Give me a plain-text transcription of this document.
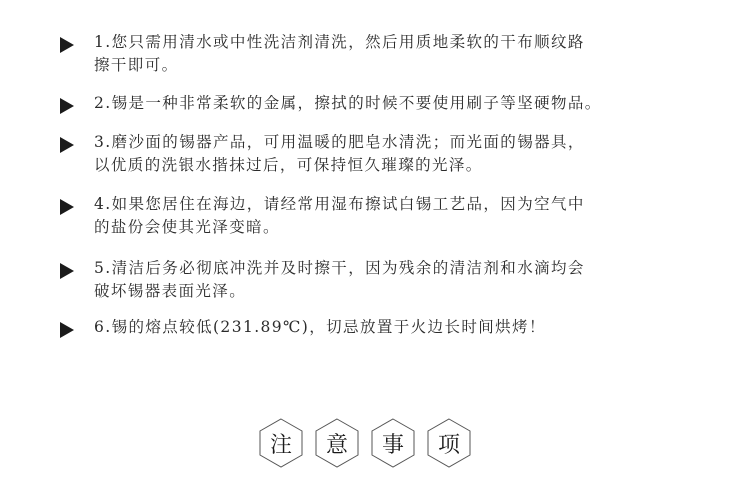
1.您只需用清水或中性洗洁剂清洗，然后用质地柔软的干布顺纹路
擦干即可。
2.锡是一种非常柔软的金属，擦拭的时候不要使用刷子等坚硬物品。
3.磨沙面的锡器产品，可用温暖的肥皂水清洗；而光面的锡器具，
以优质的洗银水揩抹过后，可保持恒久璀璨的光泽。
4.如果您居住在海边，请经常用湿布擦试白锡工艺品，因为空气中
的盐份会使其光泽变暗。
5.清洁后务必彻底冲洗并及时擦干，因为残余的清洁剂和水滴均会
破坏锡器表面光泽。
6.锡的熔点较低(231.89℃)，切忌放置于火边长时间烘烤！
注	意	事	项
